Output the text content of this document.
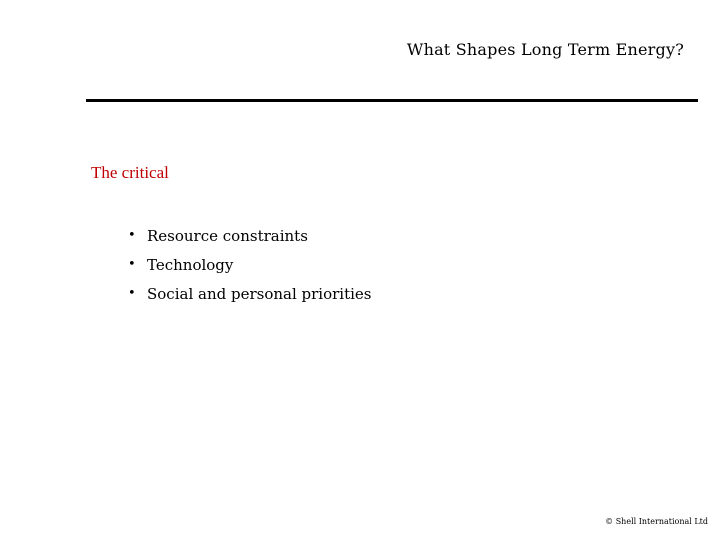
What Shapes Long Term Energy?
The critical
• Resource constraints
• Technology
• Social and personal priorities
© Shell International Ltd
